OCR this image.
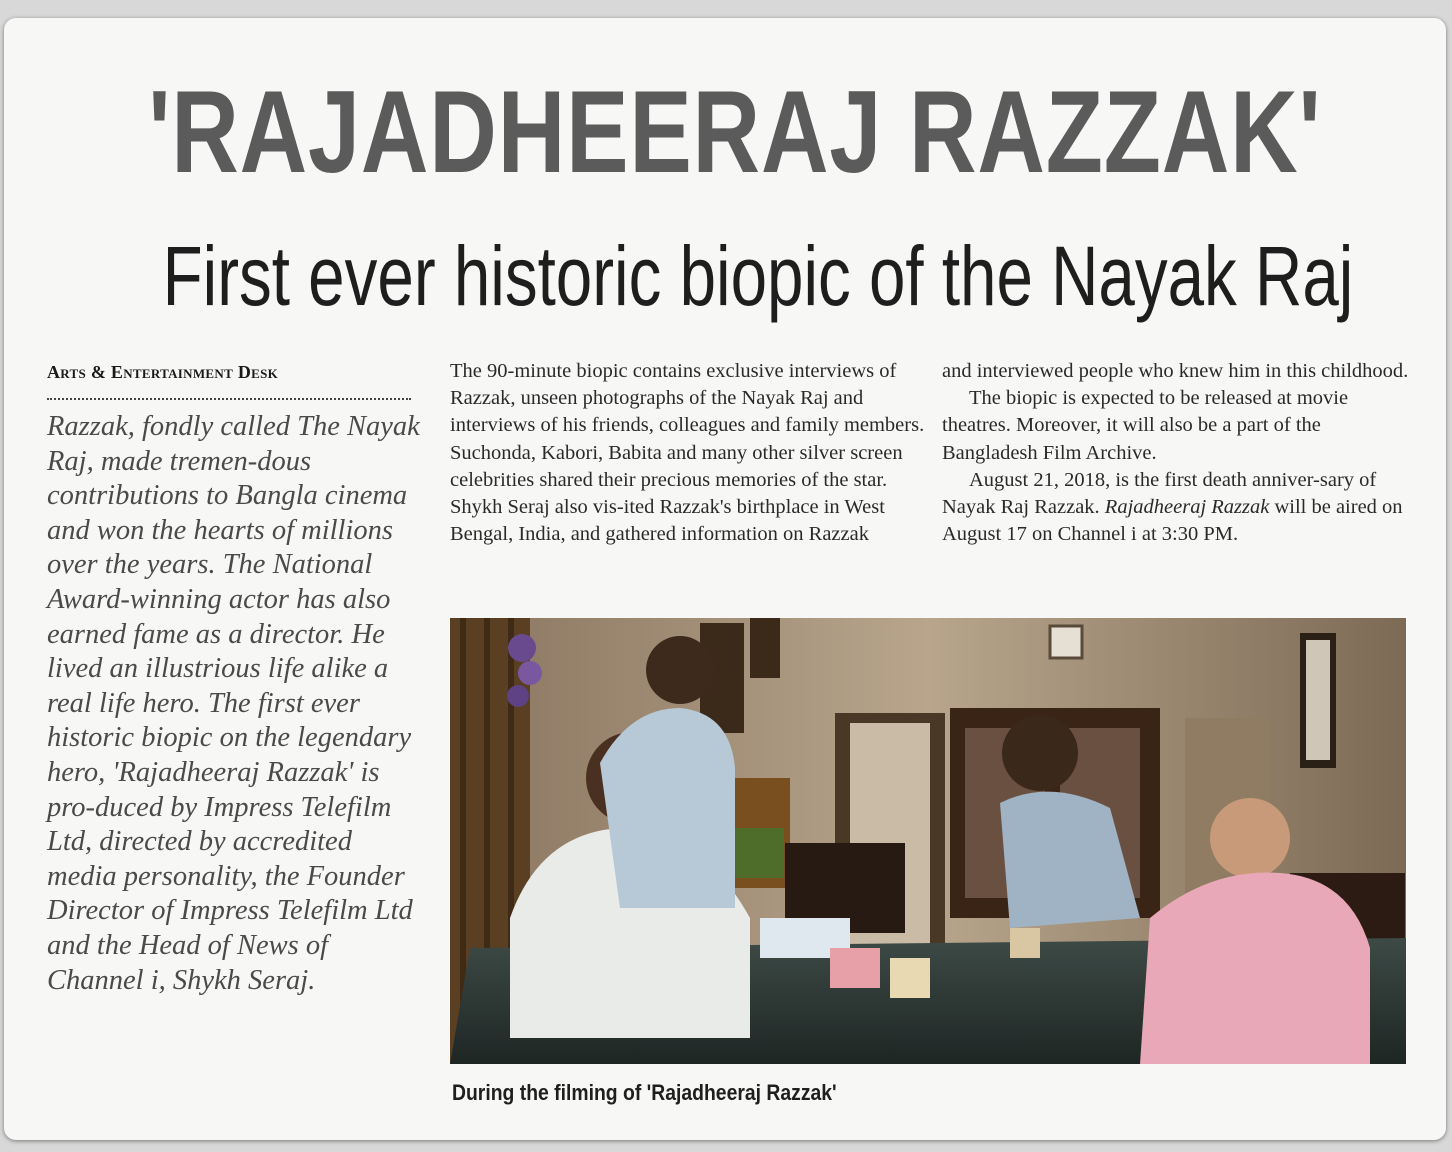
'RAJADHEERAJ RAZZAK'
First ever historic biopic of the Nayak Raj
Arts & Entertainment Desk
Razzak, fondly called The Nayak Raj, made tremen-dous contributions to Bangla cinema and won the hearts of millions over the years. The National Award-winning actor has also earned fame as a director. He lived an illustrious life alike a real life hero. The first ever historic biopic on the legendary hero, 'Rajadheeraj Razzak' is pro-duced by Impress Telefilm Ltd, directed by accredited media personality, the Founder Director of Impress Telefilm Ltd and the Head of News of Channel i, Shykh Seraj.

The 90-minute biopic contains exclusive interviews of Razzak, unseen photographs of the Nayak Raj and interviews of his friends, colleagues and family members. Suchonda, Kabori, Babita and many other silver screen celebrities shared their precious memories of the star. Shykh Seraj also vis-ited Razzak's birthplace in West Bengal, India, and gathered information on Razzak

and interviewed people who knew him in this childhood.

The biopic is expected to be released at movie theatres. Moreover, it will also be a part of the Bangladesh Film Archive.

August 21, 2018, is the first death anniver-sary of Nayak Raj Razzak. Rajadheeraj Razzak will be aired on August 17 on Channel i at 3:30 PM.

During the filming of 'Rajadheeraj Razzak'
